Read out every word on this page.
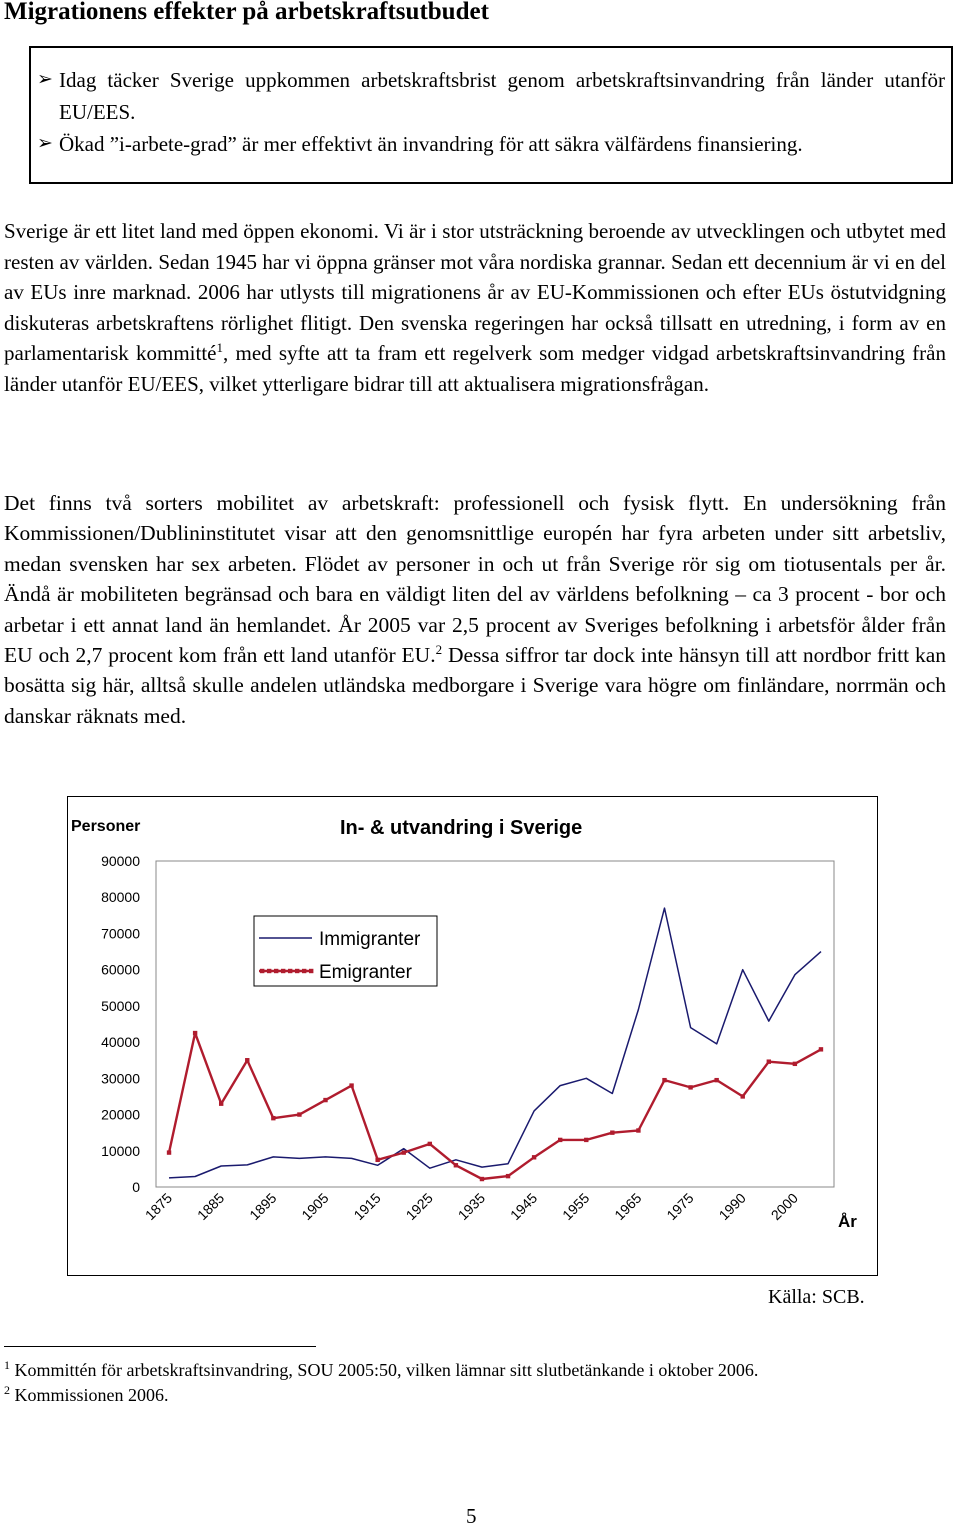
Migrationens effekter på arbetskraftsutbudet
➢ Idag täcker Sverige uppkommen arbetskraftsbrist genom arbetskraftsinvandring från länder utanför EU/EES.
➢ Ökad ”i-arbete-grad” är mer effektivt än invandring för att säkra välfärdens finansiering.

Sverige är ett litet land med öppen ekonomi. Vi är i stor utsträckning beroende av utvecklingen och utbytet med resten av världen. Sedan 1945 har vi öppna gränser mot våra nordiska grannar. Sedan ett decennium är vi en del av EUs inre marknad. 2006 har utlysts till migrationens år av EU-Kommissionen och efter EUs östutvidgning diskuteras arbetskraftens rörlighet flitigt. Den svenska regeringen har också tillsatt en utredning, i form av en parlamentarisk kommitté$^1$, med syfte att ta fram ett regelverk som medger vidgad arbetskraftsinvandring från länder utanför EU/EES, vilket ytterligare bidrar till att aktualisera migrationsfrågan.

Det finns två sorters mobilitet av arbetskraft: professionell och fysisk flytt. En undersökning från Kommissionen/Dublininstitutet visar att den genomsnittlige europén har fyra arbeten under sitt arbetsliv, medan svensken har sex arbeten. Flödet av personer in och ut från Sverige rör sig om tiotusentals per år. Ändå är mobiliteten begränsad och bara en väldigt liten del av världens befolkning – ca 3 procent - bor och arbetar i ett annat land än hemlandet. År 2005 var 2,5 procent av Sveriges befolkning i arbetsför ålder från EU och 2,7 procent kom från ett land utanför EU.$^2$ Dessa siffror tar dock inte hänsyn till att nordbor fritt kan bosätta sig här, alltså skulle andelen utländska medborgare i Sverige vara högre om finländare, norrmän och danskar räknats med.

Personer	In- & utvandring i Sverige
0
10000
20000
30000
40000
50000
60000
70000
80000
90000
1875 1885 1895 1905 1915 1925 1935 1945 1955 1965 1975 1990 2000 År
Immigranter
Emigranter
Källa: SCB.
$^1$ Kommittén för arbetskraftsinvandring, SOU 2005:50, vilken lämnar sitt slutbetänkande i oktober 2006.
$^2$ Kommissionen 2006.
5
